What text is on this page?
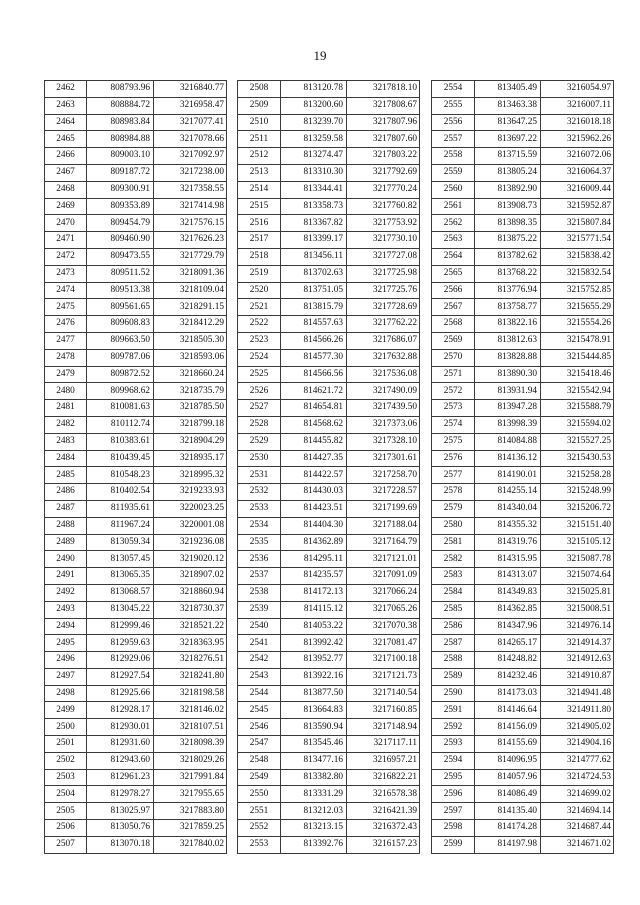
19
2462	808793.96	3216840.77
2463	808884.72	3216958.47
2464	808983.84	3217077.41
2465	808984.88	3217078.66
2466	809003.10	3217092.97
2467	809187.72	3217238.00
2468	809300.91	3217358.55
2469	809353.89	3217414.98
2470	809454.79	3217576.15
2471	809460.90	3217626.23
2472	809473.55	3217729.79
2473	809511.52	3218091.36
2474	809513.38	3218109.04
2475	809561.65	3218291.15
2476	809608.83	3218412.29
2477	809663.50	3218505.30
2478	809787.06	3218593.06
2479	809872.52	3218660.24
2480	809968.62	3218735.79
2481	810081.63	3218785.50
2482	810112.74	3218799.18
2483	810383.61	3218904.29
2484	810439.45	3218935.17
2485	810548.23	3218995.32
2486	810402.54	3219233.93
2487	811935.61	3220023.25
2488	811967.24	3220001.08
2489	813059.34	3219236.08
2490	813057.45	3219020.12
2491	813065.35	3218907.02
2492	813068.57	3218860.94
2493	813045.22	3218730.37
2494	812999.46	3218521.22
2495	812959.63	3218363.95
2496	812929.06	3218276.51
2497	812927.54	3218241.80
2498	812925.66	3218198.58
2499	812928.17	3218146.02
2500	812930.01	3218107.51
2501	812931.60	3218098.39
2502	812943.60	3218029.26
2503	812961.23	3217991.84
2504	812978.27	3217955.65
2505	813025.97	3217883.80
2506	813050.76	3217859.25
2507	813070.18	3217840.02
2508	813120.78	3217818.10
2509	813200.60	3217808.67
2510	813239.70	3217807.96
2511	813259.58	3217807.60
2512	813274.47	3217803.22
2513	813310.30	3217792.69
2514	813344.41	3217770.24
2515	813358.73	3217760.82
2516	813367.82	3217753.92
2517	813399.17	3217730.10
2518	813456.11	3217727.08
2519	813702.63	3217725.98
2520	813751.05	3217725.76
2521	813815.79	3217728.69
2522	814557.63	3217762.22
2523	814566.26	3217686.07
2524	814577.30	3217632.88
2525	814566.56	3217536.08
2526	814621.72	3217490.09
2527	814654.81	3217439.50
2528	814568.62	3217373.06
2529	814455.82	3217328.10
2530	814427.35	3217301.61
2531	814422.57	3217258.70
2532	814430.03	3217228.57
2533	814423.51	3217199.69
2534	814404.30	3217188.04
2535	814362.89	3217164.79
2536	814295.11	3217121.01
2537	814235.57	3217091.09
2538	814172.13	3217066.24
2539	814115.12	3217065.26
2540	814053.22	3217070.38
2541	813992.42	3217081.47
2542	813952.77	3217100.18
2543	813922.16	3217121.73
2544	813877.50	3217140.54
2545	813664.83	3217160.85
2546	813590.94	3217148.94
2547	813545.46	3217117.11
2548	813477.16	3216957.21
2549	813382.80	3216822.21
2550	813331.29	3216578.38
2551	813212.03	3216421.39
2552	813213.15	3216372.43
2553	813392.76	3216157.23
2554	813405.49	3216054.97
2555	813463.38	3216007.11
2556	813647.25	3216018.18
2557	813697.22	3215962.26
2558	813715.59	3216072.06
2559	813805.24	3216064.37
2560	813892.90	3216009.44
2561	813908.73	3215952.87
2562	813898.35	3215807.84
2563	813875.22	3215771.54
2564	813782.62	3215838.42
2565	813768.22	3215832.54
2566	813776.94	3215752.85
2567	813758.77	3215655.29
2568	813822.16	3215554.26
2569	813812.63	3215478.91
2570	813828.88	3215444.85
2571	813890.30	3215418.46
2572	813931.94	3215542.94
2573	813947.28	3215588.79
2574	813998.39	3215594.02
2575	814084.88	3215527.25
2576	814136.12	3215430.53
2577	814190.01	3215258.28
2578	814255.14	3215248.99
2579	814340.04	3215206.72
2580	814355.32	3215151.40
2581	814319.76	3215105.12
2582	814315.95	3215087.78
2583	814313.07	3215074.64
2584	814349.83	3215025.81
2585	814362.85	3215008.51
2586	814347.96	3214976.14
2587	814265.17	3214914.37
2588	814248.82	3214912.63
2589	814232.46	3214910.87
2590	814173.03	3214941.48
2591	814146.64	3214911.80
2592	814156.09	3214905.02
2593	814155.69	3214904.16
2594	814096.95	3214777.62
2595	814057.96	3214724.53
2596	814086.49	3214699.02
2597	814135.40	3214694.14
2598	814174.28	3214687.44
2599	814197.98	3214671.02
